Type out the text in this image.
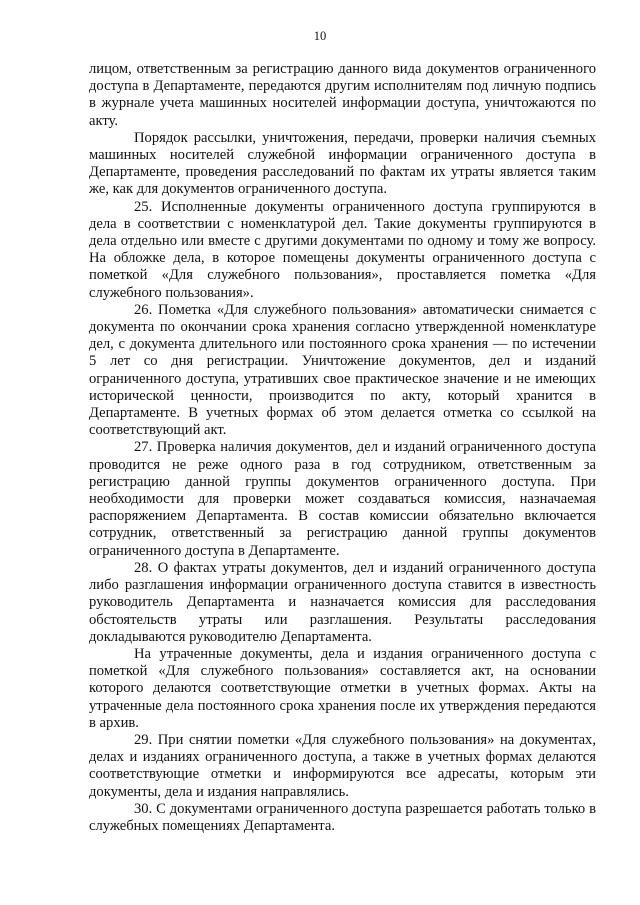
10

лицом, ответственным за регистрацию данного вида документов ограниченного доступа в Департаменте, передаются другим исполнителям под личную подпись в журнале учета машинных носителей информации доступа, уничтожаются по акту.

Порядок рассылки, уничтожения, передачи, проверки наличия съемных машинных носителей служебной информации ограниченного доступа в Департаменте, проведения расследований по фактам их утраты является таким же, как для документов ограниченного доступа.

25. Исполненные документы ограниченного доступа группируются в дела в соответствии с номенклатурой дел. Такие документы группируются в дела отдельно или вместе с другими документами по одному и тому же вопросу. На обложке дела, в которое помещены документы ограниченного доступа с пометкой «Для служебного пользования», проставляется пометка «Для служебного пользования».

26. Пометка «Для служебного пользования» автоматически снимается с документа по окончании срока хранения согласно утвержденной номенклатуре дел, с документа длительного или постоянного срока хранения — по истечении 5 лет со дня регистрации. Уничтожение документов, дел и изданий ограниченного доступа, утративших свое практическое значение и не имеющих исторической ценности, производится по акту, который хранится в Департаменте. В учетных формах об этом делается отметка со ссылкой на соответствующий акт.

27. Проверка наличия документов, дел и изданий ограниченного доступа проводится не реже одного раза в год сотрудником, ответственным за регистрацию данной группы документов ограниченного доступа. При необходимости для проверки может создаваться комиссия, назначаемая распоряжением Департамента. В состав комиссии обязательно включается сотрудник, ответственный за регистрацию данной группы документов ограниченного доступа в Департаменте.

28. О фактах утраты документов, дел и изданий ограниченного доступа либо разглашения информации ограниченного доступа ставится в известность руководитель Департамента и назначается комиссия для расследования обстоятельств утраты или разглашения. Результаты расследования докладываются руководителю Департамента.

На утраченные документы, дела и издания ограниченного доступа с пометкой «Для служебного пользования» составляется акт, на основании которого делаются соответствующие отметки в учетных формах. Акты на утраченные дела постоянного срока хранения после их утверждения передаются в архив.

29. При снятии пометки «Для служебного пользования» на документах, делах и изданиях ограниченного доступа, а также в учетных формах делаются соответствующие отметки и информируются все адресаты, которым эти документы, дела и издания направлялись.

30. С документами ограниченного доступа разрешается работать только в служебных помещениях Департамента.
